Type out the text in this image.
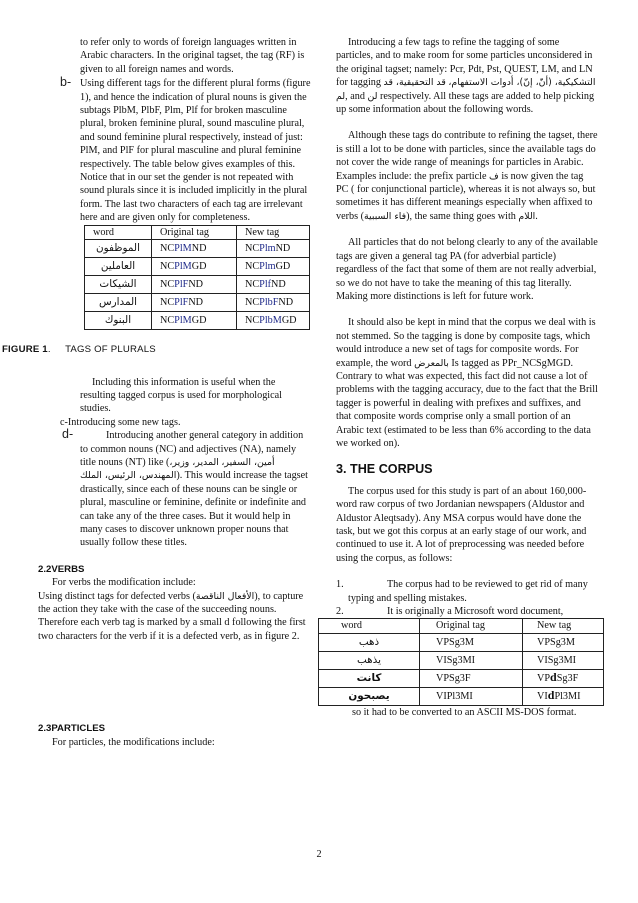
to refer only to words of foreign languages written in Arabic characters. In the original tagset, the tag (RF) is given to all foreign names and words.

b- Using different tags for the different plural forms (figure 1), and hence the indication of plural nouns is given the subtags PlbM, PlbF, Plm, Plf for broken masculine plural, broken feminine plural, sound masculine plural, and sound feminine plural respectively, instead of just: PlM, and PlF for plural masculine and plural feminine respectively. The table below gives examples of this. Notice that in our set the gender is not repeated with sound plurals since it is included implicitly in the plural form. The last two characters of each tag are irrelevant here and are given only for completeness.

word	Original tag	New tag
الموظفون	NCPlMND	NCPlmND
العاملين	NCPlMGD	NCPlmGD
الشيكات	NCPlFND	NCPlfND
المدارس	NCPlFND	NCPlbFND
البنوك	NCPlMGD	NCPlbMGD

FIGURE 1.     TAGS OF PLURALS

Including this information is useful when the resulting tagged corpus is used for morphological studies.

c-Introducing some new tags.

d-	Introducing another general category in addition to common nouns (NC) and adjectives (NA), namely title nouns (NT) like (المدير، وزير، أمين، السفير، المهندس، الرئيس، الملك). This would increase the tagset drastically, since each of these nouns can be single or plural, masculine or feminine, definite or indefinite and can take any of the three cases. But it would help in many cases to discover unknown proper nouns that usually follow these titles.

2.2VERBS

For verbs the modification include:

Using distinct tags for defected verbs (الأفعال الناقصة), to capture the action they take with the case of the succeeding nouns. Therefore each verb tag is marked by a small d following the first two characters for the verb if it is a defected verb, as in figure 2.

2.3PARTICLES

For particles, the modifications include:

Introducing a few tags to refine the tagging of some particles, and to make room for some particles unconsidered in the original tagset; namely: Pcr, Pdt, Pst, QUEST, LM, and LN for tagging قد التحقيقية، قد التشكيكية، (أنّ، إنّ)، أدوات الاستفهام، لم, and لن respectively. All these tags are added to help picking up some information about the following words.

Although these tags do contribute to refining the tagset, there is still a lot to be done with particles, since the available tags do not cover the wide range of meanings for particles in Arabic. Examples include: the prefix particle ف is now given the tag PC ( for conjunctional particle), whereas it is not always so, but sometimes it has different meanings especially when affixed to verbs (فاء السببية), the same thing goes with اللام.

All particles that do not belong clearly to any of the available tags are given a general tag PA (for adverbial particle) regardless of the fact that some of them are not really adverbial, so we do not have to take the meaning of this tag literally. Making more distinctions is left for future work.

It should also be kept in mind that the corpus we deal with is not stemmed. So the tagging is done by composite tags, which would introduce a new set of tags for composite words. For example, the word بالمعرض Is tagged as PPr_NCSgMGD. Contrary to what was expected, this fact did not cause a lot of problems with the tagging accuracy, due to the fact that the Brill tagger is powerful in dealing with prefixes and suffixes, and that composite words comprise only a small portion of an Arabic text (estimated to be less than 6% according to the data we worked on).

3. THE CORPUS

The corpus used for this study is part of an about 160,000-word raw corpus of two Jordanian newspapers (Aldustor and Aldustor Aleqtsady). Any MSA corpus would have done the task, but we got this corpus at an early stage of our work, and continued to use it. A lot of preprocessing was needed before using the corpus, as follows:

1.	The corpus had to be reviewed to get rid of many typing and spelling mistakes.

2.	It is originally a Microsoft word document,

word	Original tag	New tag
ذهب	VPSg3M	VPSg3M
يذهب	VISg3MI	VISg3MI
كانت	VPSg3F	VPdSg3F
يصبحون	VIPl3MI	VIdPl3MI

so it had to be converted to an ASCII MS-DOS format.

2
